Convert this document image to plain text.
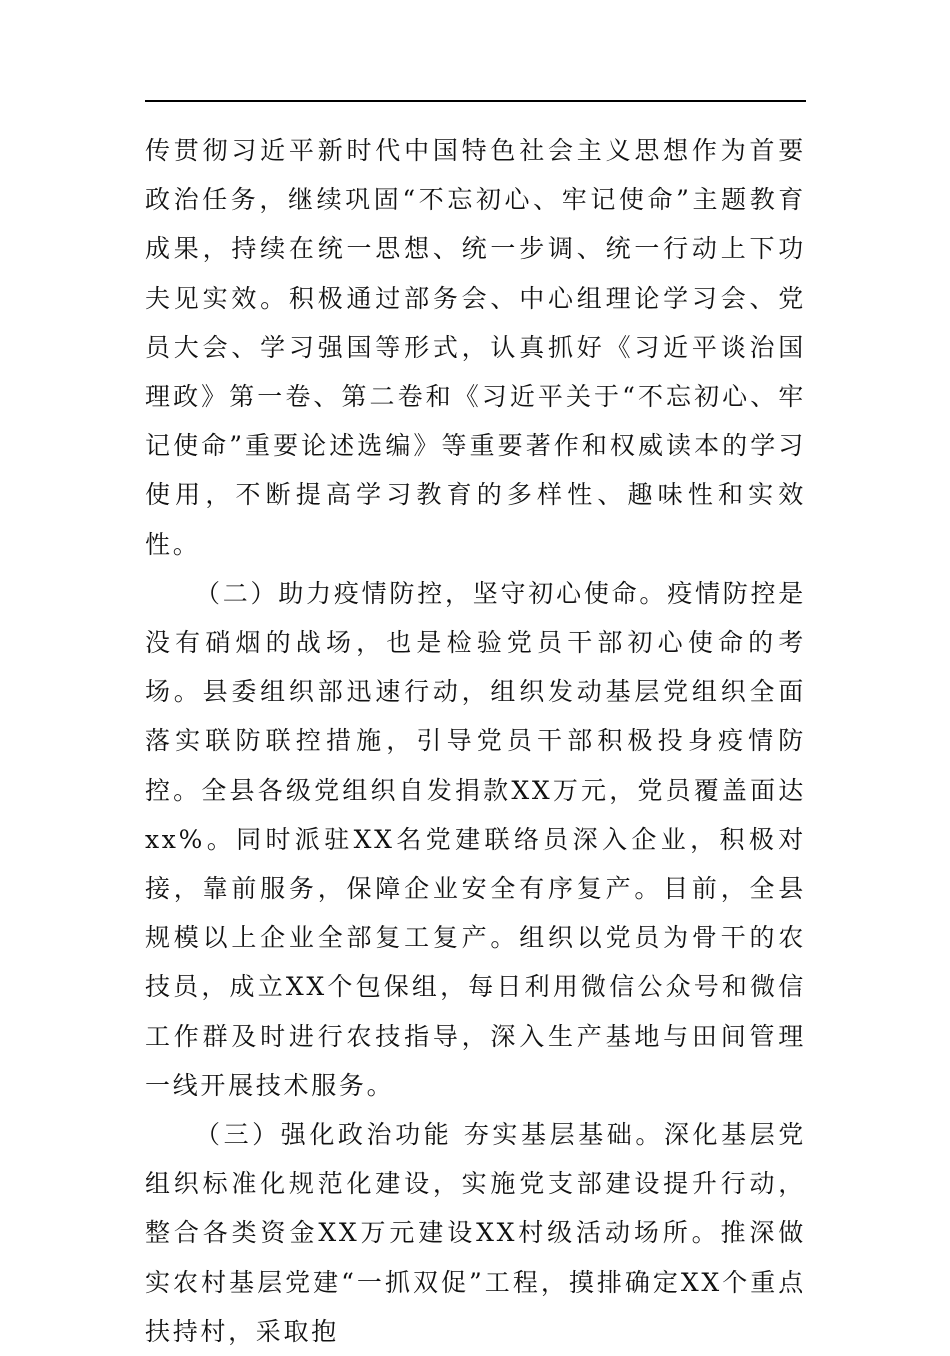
传贯彻习近平新时代中国特色社会主义思想作为首要政治任务，继续巩固“不忘初心、牢记使命”主题教育成果，持续在统一思想、统一步调、统一行动上下功夫见实效。积极通过部务会、中心组理论学习会、党员大会、学习强国等形式，认真抓好《习近平谈治国理政》第一卷、第二卷和《习近平关于“不忘初心、牢记使命”重要论述选编》等重要著作和权威读本的学习使用，不断提高学习教育的多样性、趣味性和实效性。

（二）助力疫情防控，坚守初心使命。疫情防控是没有硝烟的战场，也是检验党员干部初心使命的考场。县委组织部迅速行动，组织发动基层党组织全面落实联防联控措施，引导党员干部积极投身疫情防控。全县各级党组织自发捐款XX万元，党员覆盖面达xx%。同时派驻XX名党建联络员深入企业，积极对接，靠前服务，保障企业安全有序复产。目前，全县规模以上企业全部复工复产。组织以党员为骨干的农技员，成立XX个包保组，每日利用微信公众号和微信工作群及时进行农技指导，深入生产基地与田间管理一线开展技术服务。

（三）强化政治功能 夯实基层基础。深化基层党组织标准化规范化建设，实施党支部建设提升行动，整合各类资金XX万元建设XX村级活动场所。推深做实农村基层党建“一抓双促”工程，摸排确定XX个重点扶持村，采取抱
